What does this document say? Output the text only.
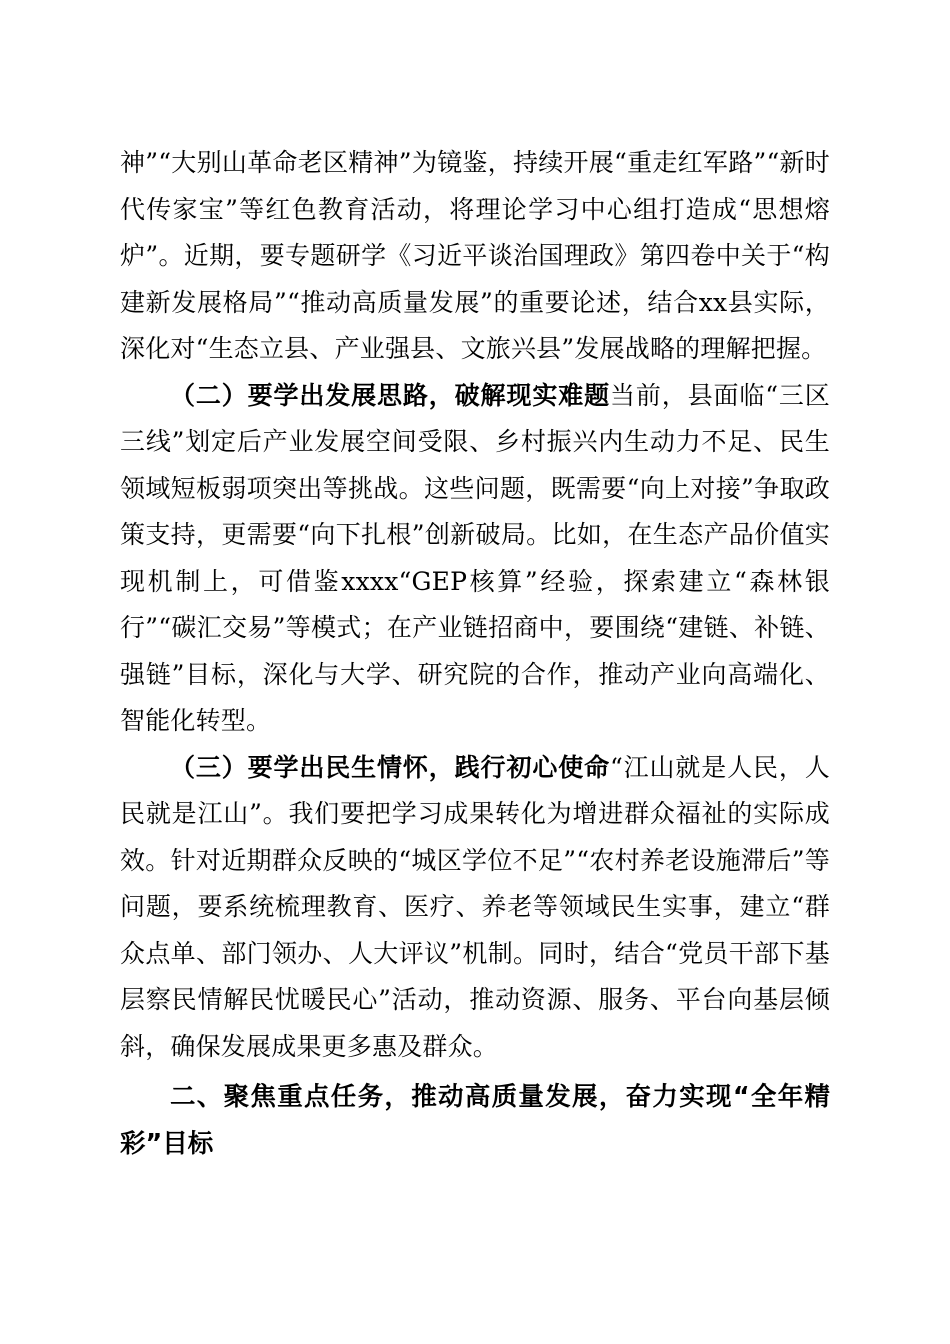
神”“大别山革命老区精神”为镜鉴，持续开展“重走红军路”“新时代传家宝”等红色教育活动，将理论学习中心组打造成“思想熔炉”。近期，要专题研学《习近平谈治国理政》第四卷中关于“构建新发展格局”“推动高质量发展”的重要论述，结合xx县实际，深化对“生态立县、产业强县、文旅兴县”发展战略的理解把握。

（二）要学出发展思路，破解现实难题当前，县面临“三区三线”划定后产业发展空间受限、乡村振兴内生动力不足、民生领域短板弱项突出等挑战。这些问题，既需要“向上对接”争取政策支持，更需要“向下扎根”创新破局。比如，在生态产品价值实现机制上，可借鉴xxxx“GEP核算”经验，探索建立“森林银行”“碳汇交易”等模式；在产业链招商中，要围绕“建链、补链、强链”目标，深化与大学、研究院的合作，推动产业向高端化、智能化转型。

（三）要学出民生情怀，践行初心使命“江山就是人民，人民就是江山”。我们要把学习成果转化为增进群众福祉的实际成效。针对近期群众反映的“城区学位不足”“农村养老设施滞后”等问题，要系统梳理教育、医疗、养老等领域民生实事，建立“群众点单、部门领办、人大评议”机制。同时，结合“党员干部下基层察民情解民忧暖民心”活动，推动资源、服务、平台向基层倾斜，确保发展成果更多惠及群众。

二、聚焦重点任务，推动高质量发展，奋力实现“全年精彩”目标
